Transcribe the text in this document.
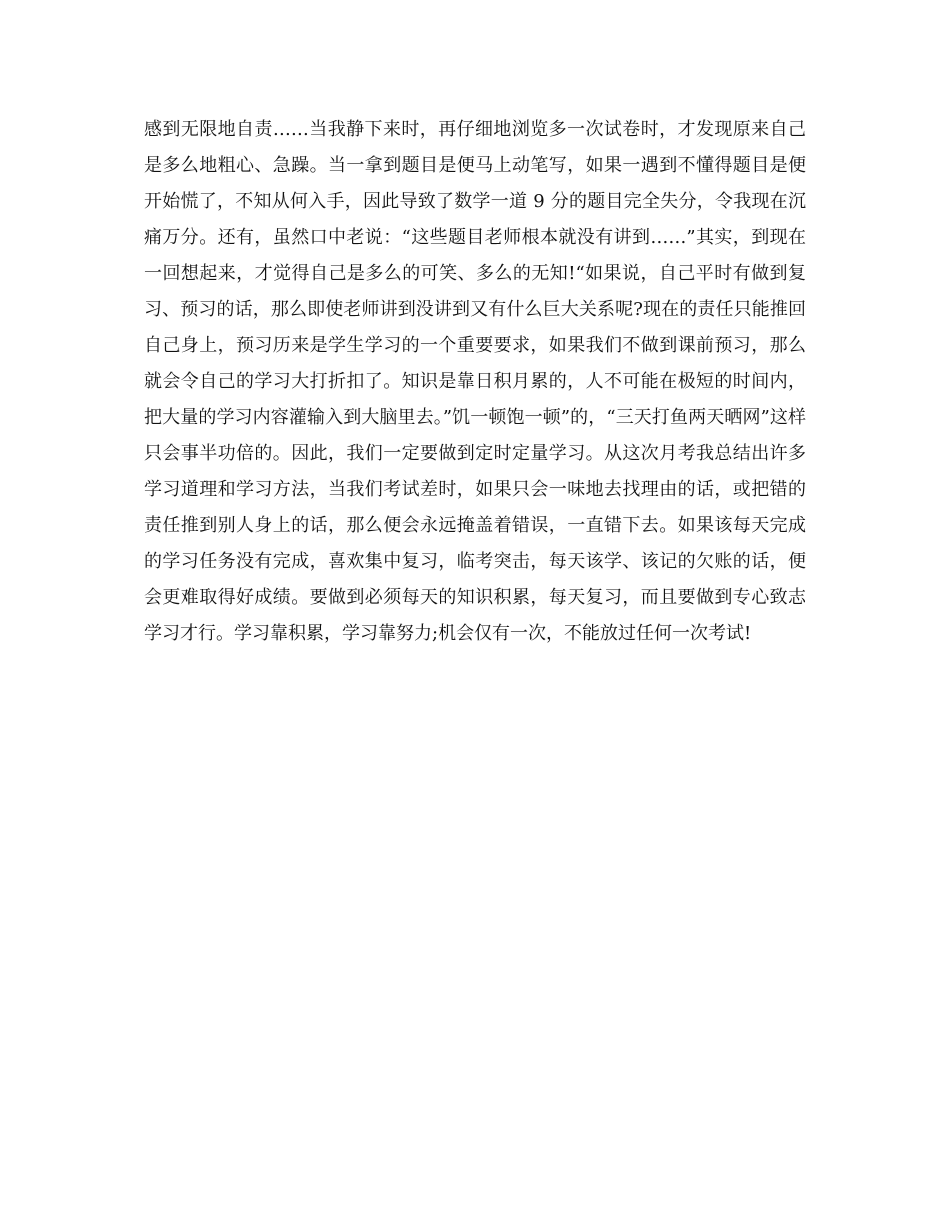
感到无限地自责……当我静下来时，再仔细地浏览多一次试卷时，才发现原来自己是多么地粗心、急躁。当一拿到题目是便马上动笔写，如果一遇到不懂得题目是便开始慌了，不知从何入手，因此导致了数学一道 9 分的题目完全失分，令我现在沉痛万分。还有，虽然口中老说：“这些题目老师根本就没有讲到……”其实，到现在一回想起来，才觉得自己是多么的可笑、多么的无知!“如果说，自己平时有做到复习、预习的话，那么即使老师讲到没讲到又有什么巨大关系呢?现在的责任只能推回自己身上，预习历来是学生学习的一个重要要求，如果我们不做到课前预习，那么就会令自己的学习大打折扣了。知识是靠日积月累的，人不可能在极短的时间内，把大量的学习内容灌输入到大脑里去。”饥一顿饱一顿”的，“三天打鱼两天晒网”这样只会事半功倍的。因此，我们一定要做到定时定量学习。从这次月考我总结出许多学习道理和学习方法，当我们考试差时，如果只会一味地去找理由的话，或把错的责任推到别人身上的话，那么便会永远掩盖着错误，一直错下去。如果该每天完成的学习任务没有完成，喜欢集中复习，临考突击，每天该学、该记的欠账的话，便会更难取得好成绩。要做到必须每天的知识积累，每天复习，而且要做到专心致志学习才行。学习靠积累，学习靠努力;机会仅有一次，不能放过任何一次考试!
